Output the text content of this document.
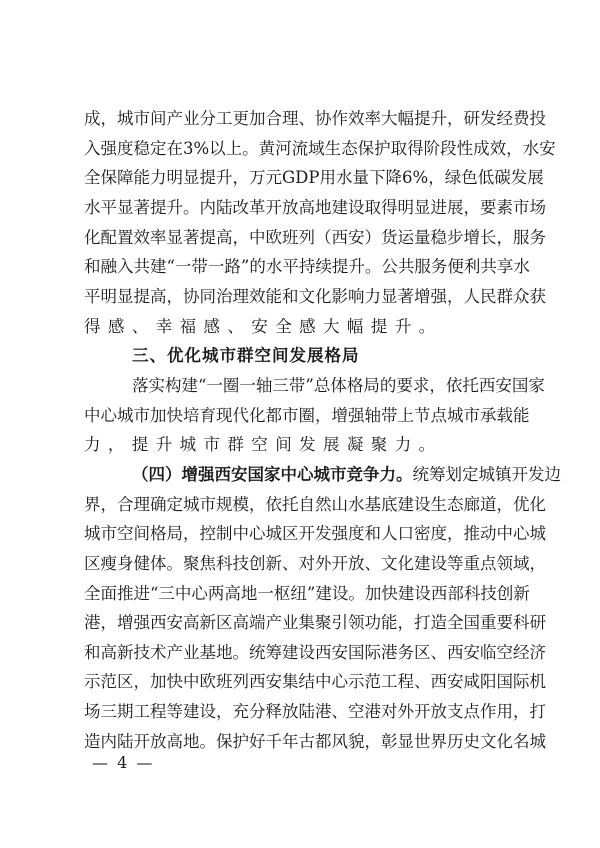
成，城市间产业分工更加合理、协作效率大幅提升，研发经费投
入强度稳定在3%以上。黄河流域生态保护取得阶段性成效，水安
全保障能力明显提升，万元GDP用水量下降6%，绿色低碳发展
水平显著提升。内陆改革开放高地建设取得明显进展，要素市场
化配置效率显著提高，中欧班列（西安）货运量稳步增长，服务
和融入共建“一带一路”的水平持续提升。公共服务便利共享水
平明显提高，协同治理效能和文化影响力显著增强，人民群众获
得感、幸福感、安全感大幅提升。
三、优化城市群空间发展格局
落实构建“一圈一轴三带”总体格局的要求，依托西安国家
中心城市加快培育现代化都市圈，增强轴带上节点城市承载能
力，提升城市群空间发展凝聚力。
（四）增强西安国家中心城市竞争力。统筹划定城镇开发边
界，合理确定城市规模，依托自然山水基底建设生态廊道，优化
城市空间格局，控制中心城区开发强度和人口密度，推动中心城
区瘦身健体。聚焦科技创新、对外开放、文化建设等重点领域，
全面推进“三中心两高地一枢纽”建设。加快建设西部科技创新
港，增强西安高新区高端产业集聚引领功能，打造全国重要科研
和高新技术产业基地。统筹建设西安国际港务区、西安临空经济
示范区，加快中欧班列西安集结中心示范工程、西安咸阳国际机
场三期工程等建设，充分释放陆港、空港对外开放支点作用，打
造内陆开放高地。保护好千年古都风貌，彰显世界历史文化名城
— 4 —
